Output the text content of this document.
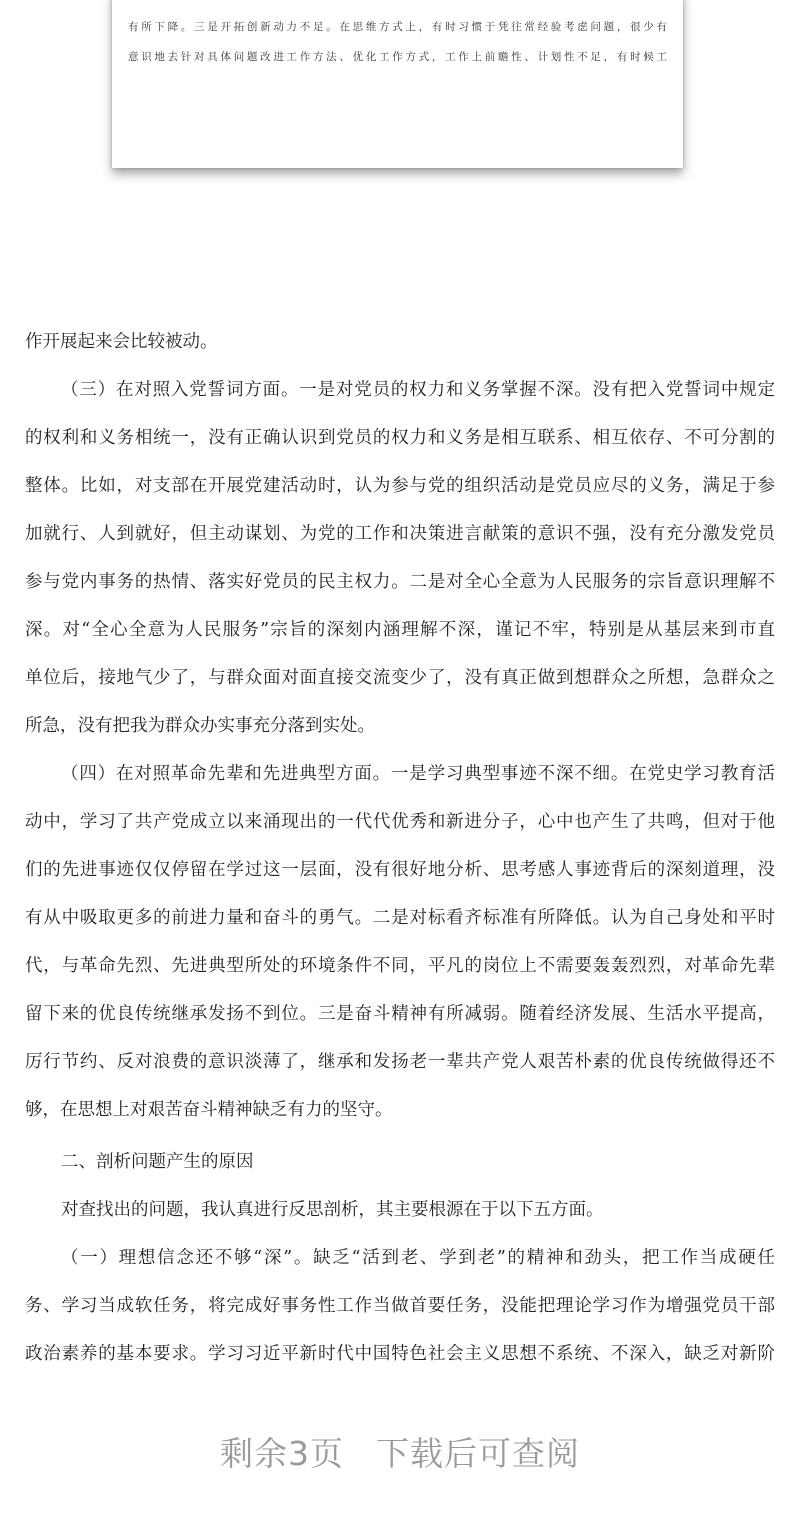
有所下降。三是开拓创新动力不足。在思维方式上，有时习惯于凭往常经验考虑问题，很少有
意识地去针对具体问题改进工作方法、优化工作方式，工作上前瞻性、计划性不足，有时候工
作开展起来会比较被动。
（三）在对照入党誓词方面。一是对党员的权力和义务掌握不深。没有把入党誓词中规定
的权利和义务相统一，没有正确认识到党员的权力和义务是相互联系、相互依存、不可分割的
整体。比如，对支部在开展党建活动时，认为参与党的组织活动是党员应尽的义务，满足于参
加就行、人到就好，但主动谋划、为党的工作和决策进言献策的意识不强，没有充分激发党员
参与党内事务的热情、落实好党员的民主权力。二是对全心全意为人民服务的宗旨意识理解不
深。对“全心全意为人民服务”宗旨的深刻内涵理解不深，谨记不牢，特别是从基层来到市直
单位后，接地气少了，与群众面对面直接交流变少了，没有真正做到想群众之所想，急群众之
所急，没有把我为群众办实事充分落到实处。
（四）在对照革命先辈和先进典型方面。一是学习典型事迹不深不细。在党史学习教育活
动中，学习了共产党成立以来涌现出的一代代优秀和新进分子，心中也产生了共鸣，但对于他
们的先进事迹仅仅停留在学过这一层面，没有很好地分析、思考感人事迹背后的深刻道理，没
有从中吸取更多的前进力量和奋斗的勇气。二是对标看齐标准有所降低。认为自己身处和平时
代，与革命先烈、先进典型所处的环境条件不同，平凡的岗位上不需要轰轰烈烈，对革命先辈
留下来的优良传统继承发扬不到位。三是奋斗精神有所减弱。随着经济发展、生活水平提高，
厉行节约、反对浪费的意识淡薄了，继承和发扬老一辈共产党人艰苦朴素的优良传统做得还不
够，在思想上对艰苦奋斗精神缺乏有力的坚守。
二、剖析问题产生的原因
对查找出的问题，我认真进行反思剖析，其主要根源在于以下五方面。
（一）理想信念还不够“深”。缺乏“活到老、学到老”的精神和劲头，把工作当成硬任
务、学习当成软任务，将完成好事务性工作当做首要任务，没能把理论学习作为增强党员干部
政治素养的基本要求。学习习近平新时代中国特色社会主义思想不系统、不深入，缺乏对新阶
剩余3页 下载后可查阅
